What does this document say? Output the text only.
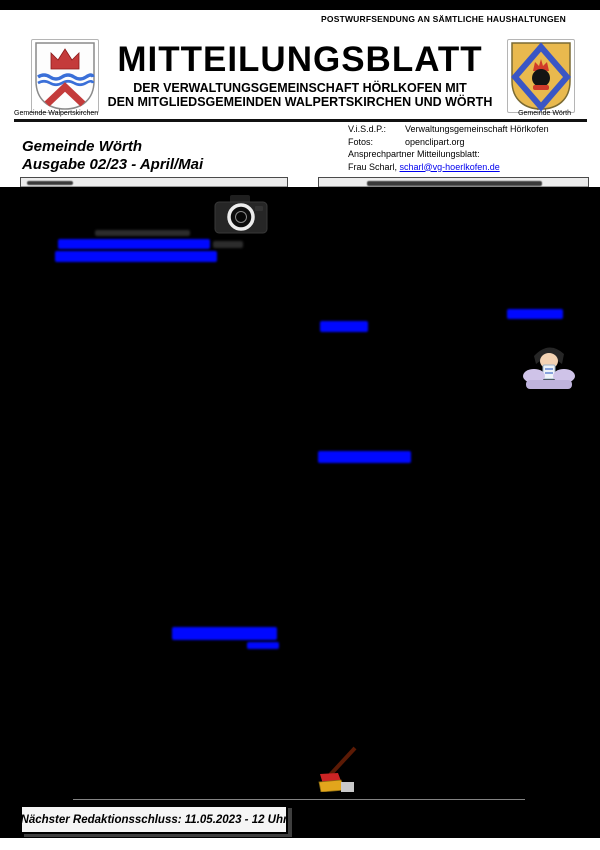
POSTWURFSENDUNG AN SÄMTLICHE HAUSHALTUNGEN
MITTEILUNGSBLATT
DER VERWALTUNGSGEMEINSCHAFT HÖRLKOFEN MIT
DEN MITGLIEDSGEMEINDEN WALPERTSKIRCHEN UND WÖRTH
Gemeinde Walpertskirchen	Gemeinde Wörth
V.i.S.d.P.:	Verwaltungsgemeinschaft Hörlkofen
Fotos:	openclipart.org
Ansprechpartner Mitteilungsblatt:
Frau Scharl, scharl@vg-hoerlkofen.de
Gemeinde Wörth
Ausgabe 02/23 - April/Mai
Nächster Redaktionsschluss: 11.05.2023 - 12 Uhr
